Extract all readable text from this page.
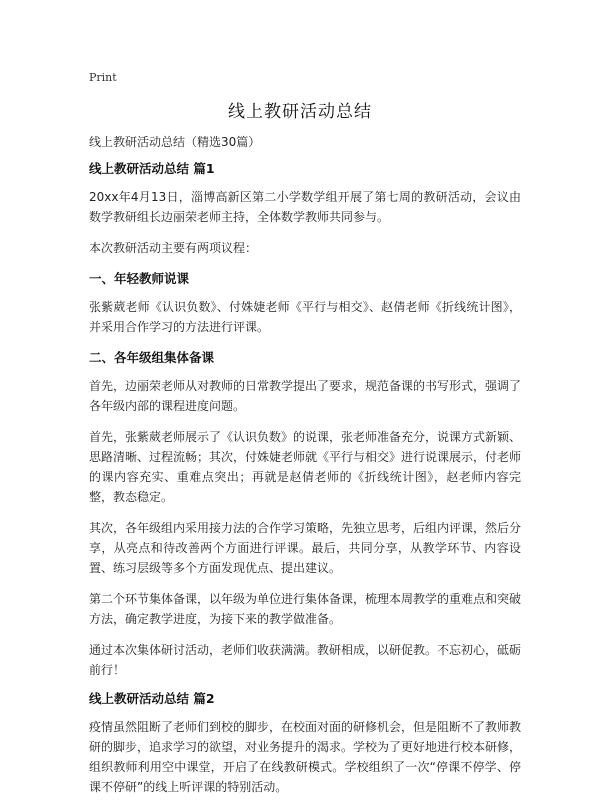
Print
线上教研活动总结
线上教研活动总结（精选30篇）
线上教研活动总结 篇1

20xx年4月13日，淄博高新区第二小学数学组开展了第七周的教研活动，会议由数学教研组长边丽荣老师主持，全体数学教师共同参与。

本次教研活动主要有两项议程：

一、年轻教师说课

张紫葳老师《认识负数》、付姝婕老师《平行与相交》、赵倩老师《折线统计图》，并采用合作学习的方法进行评课。

二、各年级组集体备课

首先，边丽荣老师从对教师的日常教学提出了要求，规范备课的书写形式，强调了各年级内部的课程进度问题。

首先，张紫葳老师展示了《认识负数》的说课，张老师准备充分，说课方式新颖、思路清晰、过程流畅；其次，付姝婕老师就《平行与相交》进行说课展示，付老师的课内容充实、重难点突出；再就是赵倩老师的《折线统计图》，赵老师内容完整，教态稳定。

其次，各年级组内采用接力法的合作学习策略，先独立思考，后组内评课，然后分享，从亮点和待改善两个方面进行评课。最后，共同分享，从教学环节、内容设置、练习层级等多个方面发现优点、提出建议。

第二个环节集体备课，以年级为单位进行集体备课，梳理本周教学的重难点和突破方法，确定教学进度，为接下来的教学做准备。

通过本次集体研讨活动，老师们收获满满。教研相成，以研促教。不忘初心，砥砺前行！

线上教研活动总结 篇2

疫情虽然阻断了老师们到校的脚步，在校面对面的研修机会，但是阻断不了教师教研的脚步，追求学习的欲望，对业务提升的渴求。学校为了更好地进行校本研修，组织教师利用空中课堂，开启了在线教研模式。学校组织了一次“停课不停学、停课不停研”的线上听评课的特别活动。
